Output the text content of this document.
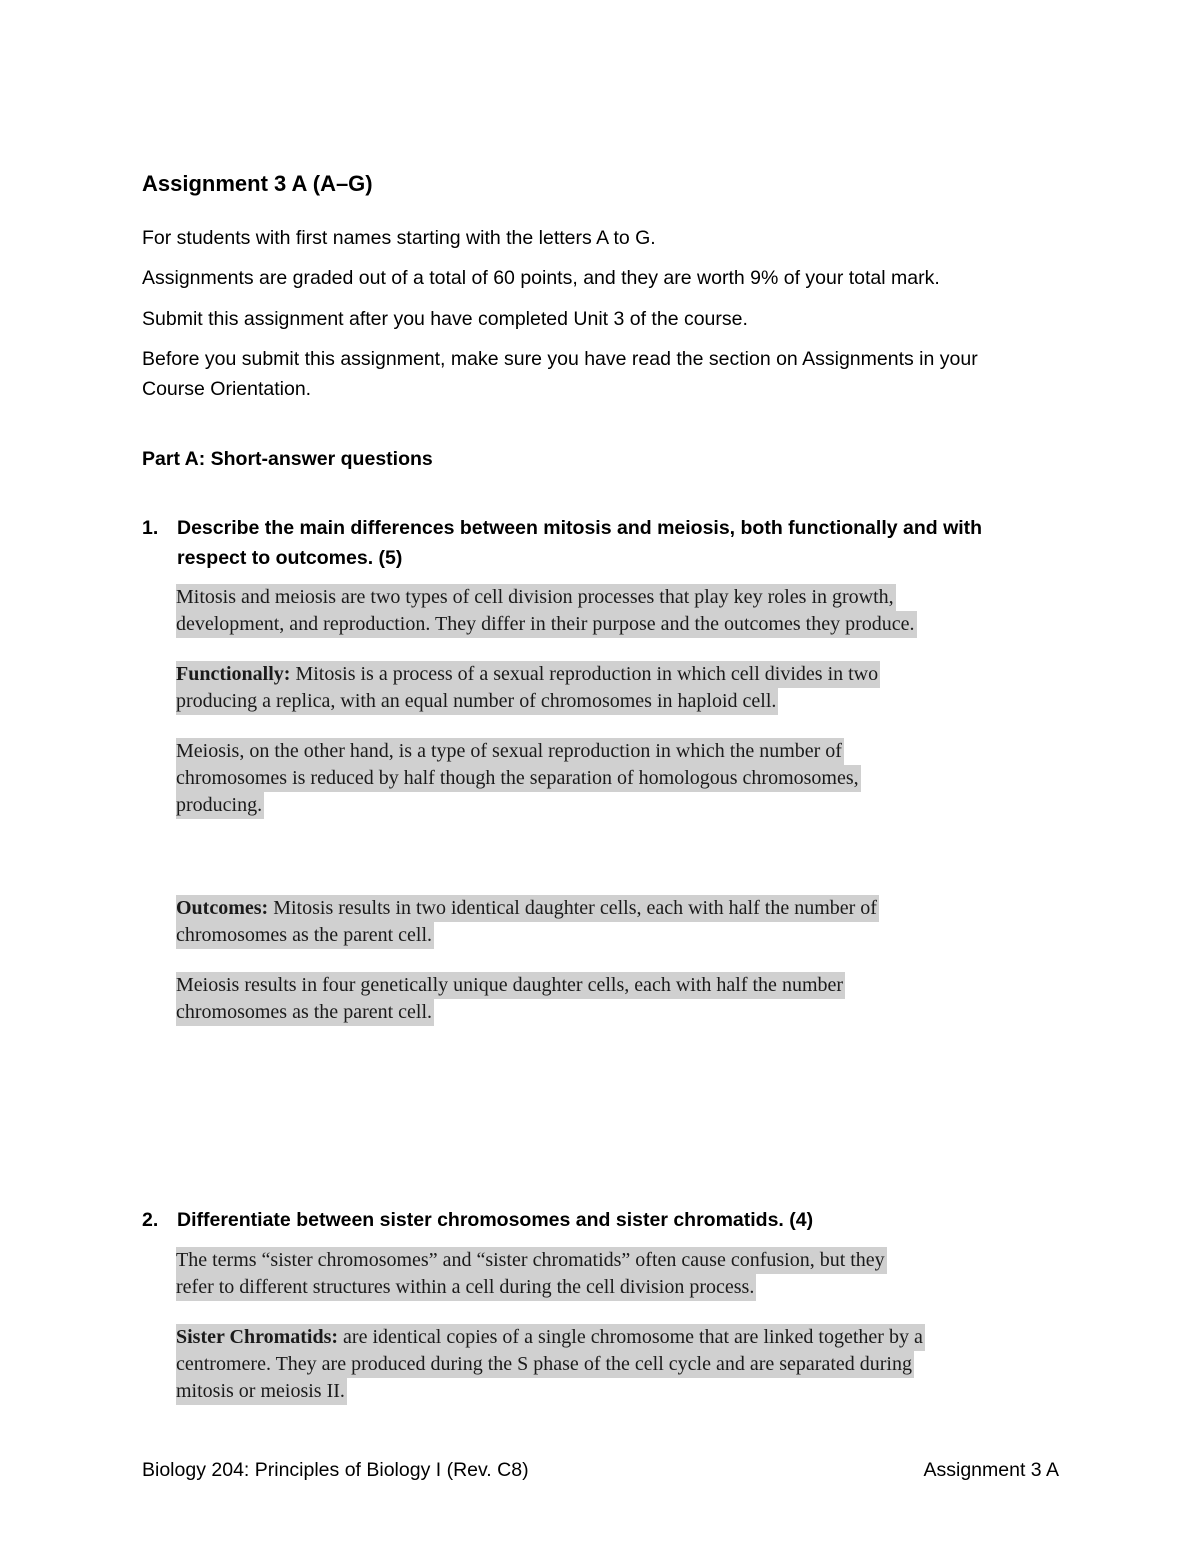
Assignment 3 A (A–G)
For students with first names starting with the letters A to G.
Assignments are graded out of a total of 60 points, and they are worth 9% of your total mark.
Submit this assignment after you have completed Unit 3 of the course.
Before you submit this assignment, make sure you have read the section on Assignments in your
Course Orientation.
Part A: Short-answer questions
1. Describe the main differences between mitosis and meiosis, both functionally and with
respect to outcomes. (5)
Mitosis and meiosis are two types of cell division processes that play key roles in growth,
development, and reproduction. They differ in their purpose and the outcomes they produce.
Functionally: Mitosis is a process of a sexual reproduction in which cell divides in two
producing a replica, with an equal number of chromosomes in haploid cell.
Meiosis, on the other hand, is a type of sexual reproduction in which the number of
chromosomes is reduced by half though the separation of homologous chromosomes,
producing.
Outcomes: Mitosis results in two identical daughter cells, each with half the number of
chromosomes as the parent cell.
Meiosis results in four genetically unique daughter cells, each with half the number
chromosomes as the parent cell.
2. Differentiate between sister chromosomes and sister chromatids. (4)
The terms “sister chromosomes” and “sister chromatids” often cause confusion, but they
refer to different structures within a cell during the cell division process.
Sister Chromatids: are identical copies of a single chromosome that are linked together by a
centromere. They are produced during the S phase of the cell cycle and are separated during
mitosis or meiosis II.
Biology 204: Principles of Biology I (Rev. C8)	Assignment 3 A
